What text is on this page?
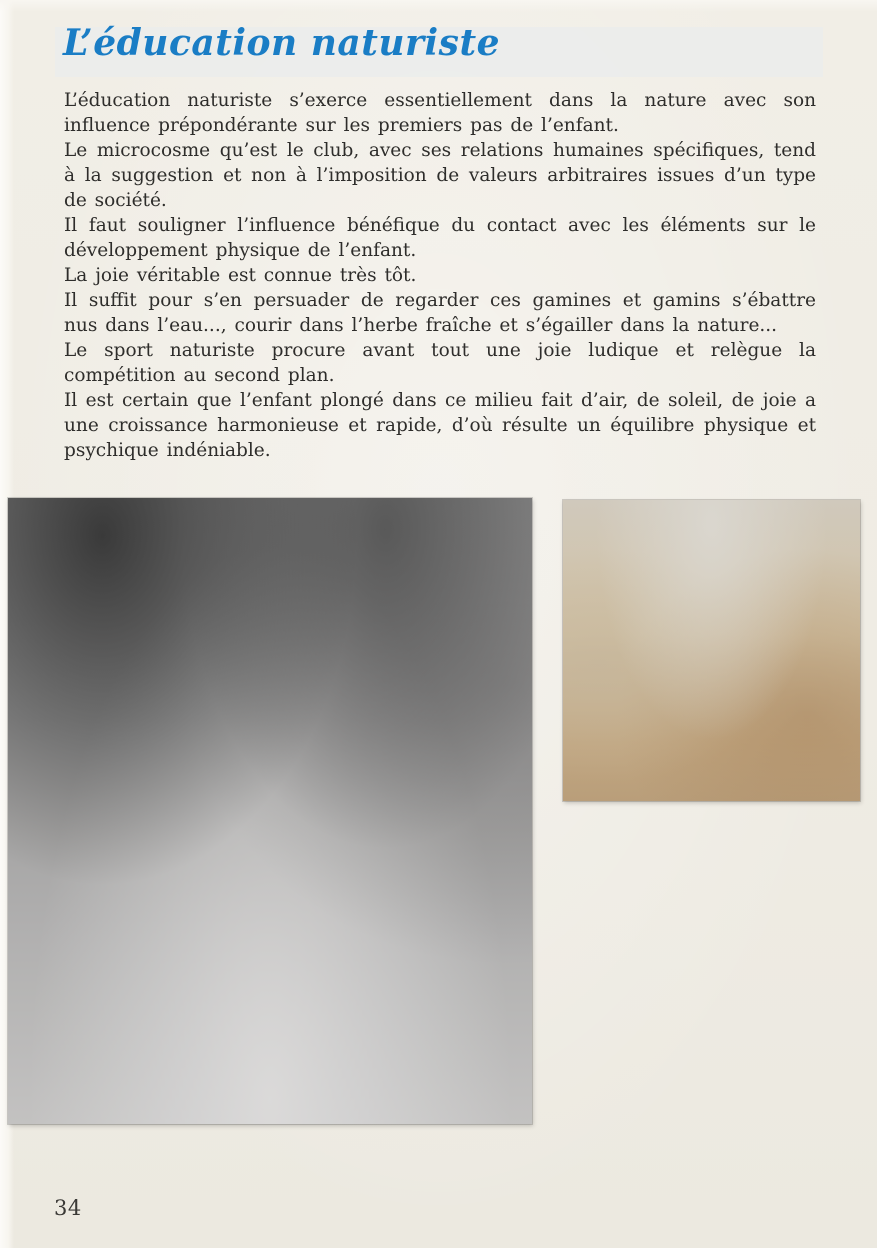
L’éducation naturiste

L’éducation naturiste s’exerce essentiellement dans la nature avec son influence prépondérante sur les premiers pas de l’enfant.

Le microcosme qu’est le club, avec ses relations humaines spécifiques, tend à la suggestion et non à l’imposition de valeurs arbitraires issues d’un type de société.

Il faut souligner l’influence bénéfique du contact avec les éléments sur le développement physique de l’enfant.

La joie véritable est connue très tôt.

Il suffit pour s’en persuader de regarder ces gamines et gamins s’ébattre nus dans l’eau..., courir dans l’herbe fraîche et s’égailler dans la nature...

Le sport naturiste procure avant tout une joie ludique et relègue la compétition au second plan.

Il est certain que l’enfant plongé dans ce milieu fait d’air, de soleil, de joie a une croissance harmonieuse et rapide, d’où résulte un équilibre physique et psychique indéniable.

34
